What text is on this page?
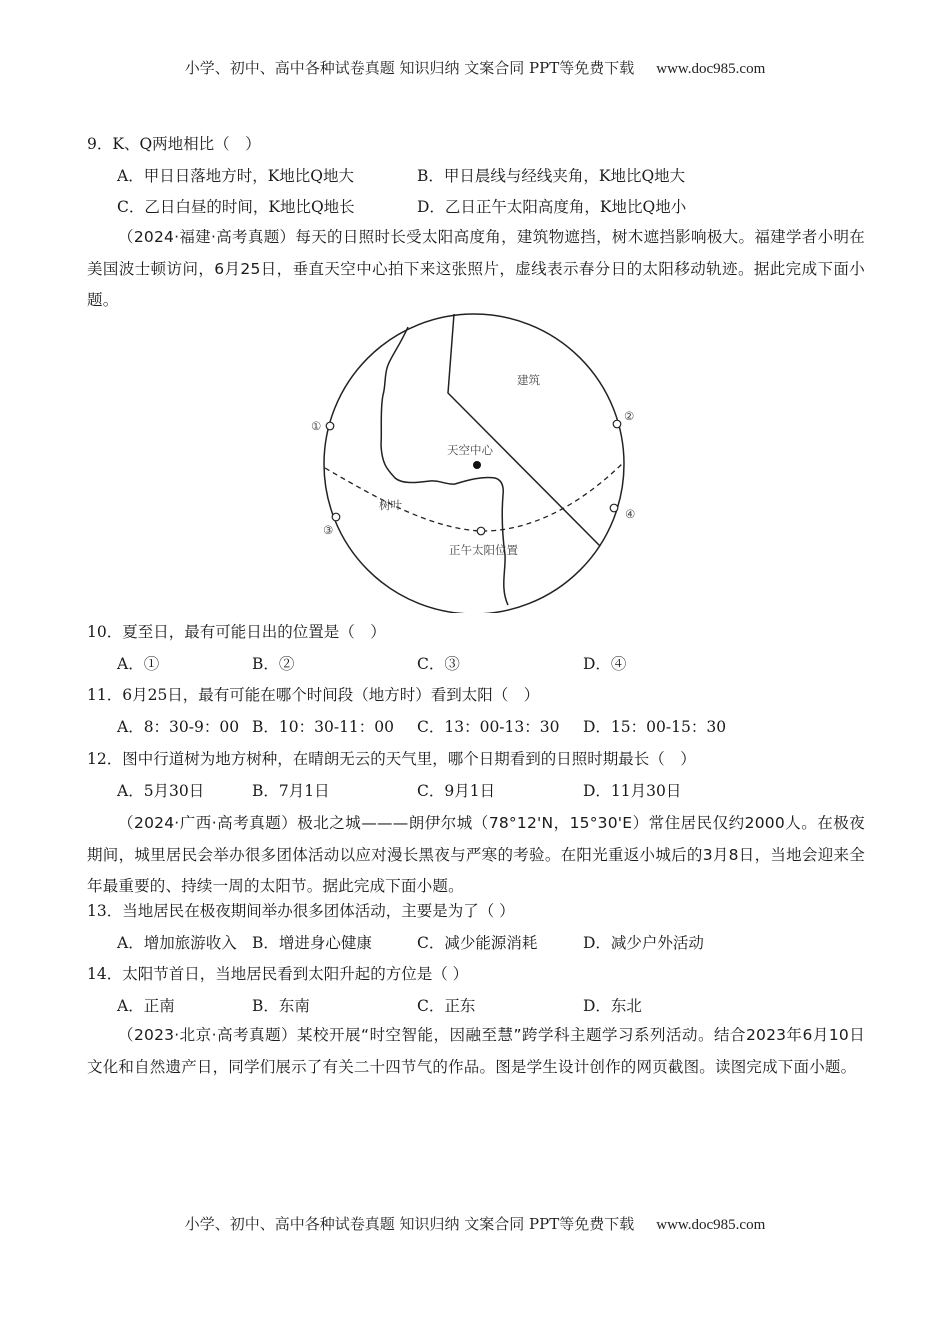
小学、初中、高中各种试卷真题 知识归纳 文案合同 PPT等免费下载 www.doc985.com
9．K、Q两地相比（　）
A．甲日日落地方时，K地比Q地大	B．甲日晨线与经线夹角，K地比Q地大
C．乙日白昼的时间，K地比Q地长	D．乙日正午太阳高度角，K地比Q地小
（2024·福建·高考真题）每天的日照时长受太阳高度角，建筑物遮挡，树木遮挡影响极大。福建学者小明在美国波士顿访问，6月25日，垂直天空中心拍下来这张照片，虚线表示春分日的太阳移动轨迹。据此完成下面小题。
建筑
天空中心
树叶
正午太阳位置
①
②
③
④
10．夏至日，最有可能日出的位置是（　）
A．①	B．②	C．③	D．④
11．6月25日，最有可能在哪个时间段（地方时）看到太阳（　）
A．8：30-9：00 B．10：30-11：00 C．13：00-13：30 D．15：00-15：30
12．图中行道树为地方树种，在晴朗无云的天气里，哪个日期看到的日照时期最长（　）
A．5月30日	B．7月1日	C．9月1日	D．11月30日
（2024·广西·高考真题）极北之城———朗伊尔城（78°12'N，15°30'E）常住居民仅约2000人。在极夜期间，城里居民会举办很多团体活动以应对漫长黑夜与严寒的考验。在阳光重返小城后的3月8日，当地会迎来全年最重要的、持续一周的太阳节。据此完成下面小题。
13．当地居民在极夜期间举办很多团体活动，主要是为了（ ）
A．增加旅游收入 B．增进身心健康	C．减少能源消耗	D．减少户外活动
14．太阳节首日，当地居民看到太阳升起的方位是（ ）
A．正南	B．东南	C．正东	D．东北
（2023·北京·高考真题）某校开展“时空智能，因融至慧”跨学科主题学习系列活动。结合2023年6月10日文化和自然遗产日，同学们展示了有关二十四节气的作品。图是学生设计创作的网页截图。读图完成下面小题。
小学、初中、高中各种试卷真题 知识归纳 文案合同 PPT等免费下载 www.doc985.com
